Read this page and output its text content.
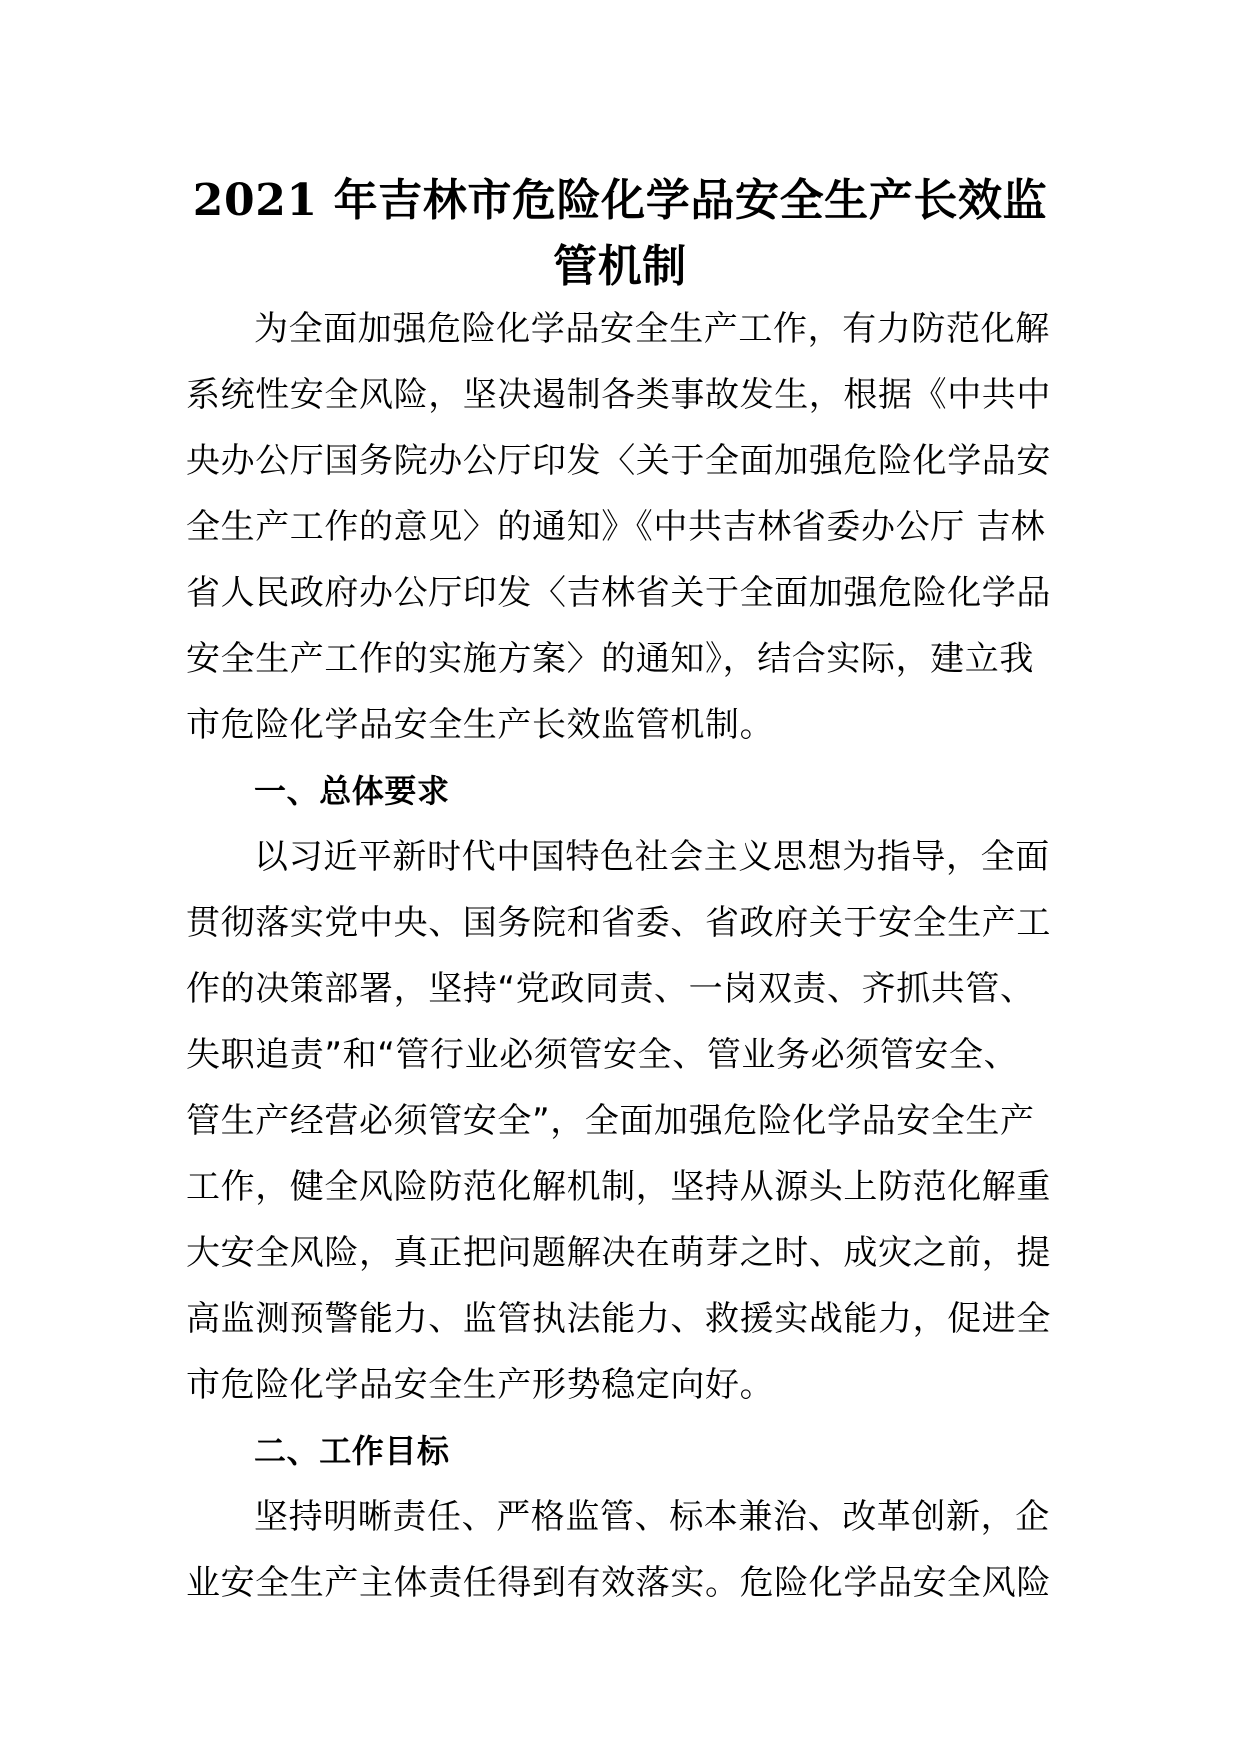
2021 年吉林市危险化学品安全生产长效监
管机制
为全面加强危险化学品安全生产工作，有力防范化解
系统性安全风险，坚决遏制各类事故发生，根据《中共中
央办公厅国务院办公厅印发〈关于全面加强危险化学品安
全生产工作的意见〉的通知》《中共吉林省委办公厅 吉林
省人民政府办公厅印发〈吉林省关于全面加强危险化学品
安全生产工作的实施方案〉的通知》，结合实际，建立我
市危险化学品安全生产长效监管机制。
一、总体要求
以习近平新时代中国特色社会主义思想为指导，全面
贯彻落实党中央、国务院和省委、省政府关于安全生产工
作的决策部署，坚持“党政同责、一岗双责、齐抓共管、
失职追责”和“管行业必须管安全、管业务必须管安全、
管生产经营必须管安全”，全面加强危险化学品安全生产
工作，健全风险防范化解机制，坚持从源头上防范化解重
大安全风险，真正把问题解决在萌芽之时、成灾之前，提
高监测预警能力、监管执法能力、救援实战能力，促进全
市危险化学品安全生产形势稳定向好。
二、工作目标
坚持明晰责任、严格监管、标本兼治、改革创新，企
业安全生产主体责任得到有效落实。危险化学品安全风险
